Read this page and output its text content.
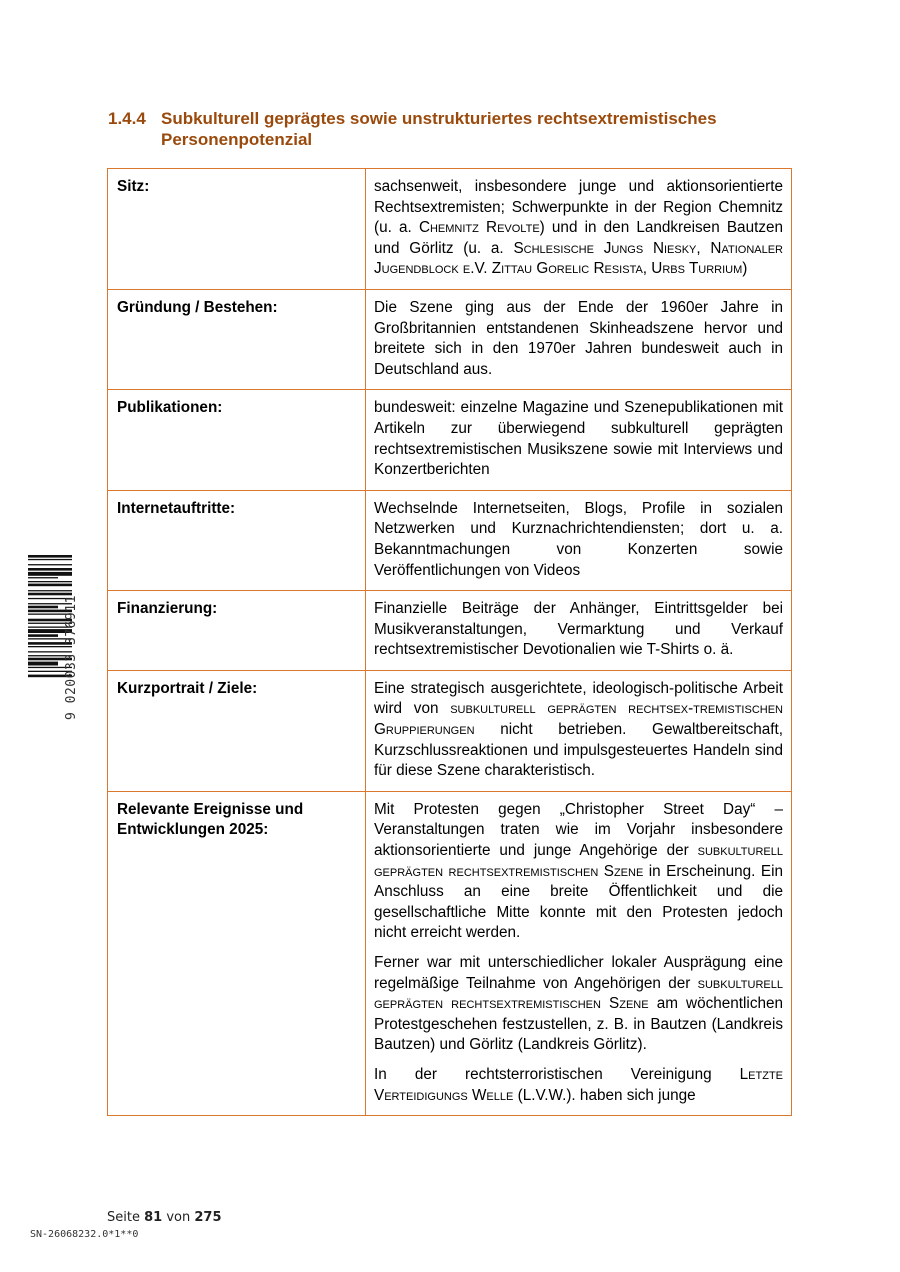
1.4.4 Subkulturell geprägtes sowie unstrukturiertes rechtsextremistisches Personenpotenzial
Sitz:	sachsenweit, insbesondere junge und aktionsorientierte Rechtsextremisten; Schwerpunkte in der Region Chemnitz (u. a. Chemnitz Revolte) und in den Landkreisen Bautzen und Görlitz (u. a. Schlesische Jungs Niesky, Nationaler Jugendblock e.V. Zittau Gorelic Resista, Urbs Turrium)

Gründung / Bestehen:	Die Szene ging aus der Ende der 1960er Jahre in Großbritannien entstandenen Skinheadszene hervor und breitete sich in den 1970er Jahren bundesweit auch in Deutschland aus.

Publikationen:	bundesweit: einzelne Magazine und Szenepublikationen mit Artikeln zur überwiegend subkulturell geprägten rechtsextremistischen Musikszene sowie mit Interviews und Konzertberichten

Internetauftritte:	Wechselnde Internetseiten, Blogs, Profile in sozialen Netzwerken und Kurznachrichtendiensten; dort u. a. Bekanntmachungen von Konzerten sowie Veröffentlichungen von Videos

Finanzierung:	Finanzielle Beiträge der Anhänger, Eintrittsgelder bei Musikveranstaltungen, Vermarktung und Verkauf rechtsextremistischer Devotionalien wie T-Shirts o. ä.

Kurzportrait / Ziele:	Eine strategisch ausgerichtete, ideologisch-politische Arbeit wird von subkulturell geprägten rechtsex-tremistischen Gruppierungen nicht betrieben. Gewaltbereitschaft, Kurzschlussreaktionen und impulsgesteuertes Handeln sind für diese Szene charakteristisch.

Relevante Ereignisse und Entwicklungen 2025:	Mit Protesten gegen „Christopher Street Day“ – Veranstaltungen traten wie im Vorjahr insbesondere aktionsorientierte und junge Angehörige der subkulturell geprägten rechtsextremistischen Szene in Erscheinung. Ein Anschluss an eine breite Öffentlichkeit und die gesellschaftliche Mitte konnte mit den Protesten jedoch nicht erreicht werden.

Ferner war mit unterschiedlicher lokaler Ausprägung eine regelmäßige Teilnahme von Angehörigen der subkulturell geprägten rechtsextremistischen Szene am wöchentlichen Protestgeschehen festzustellen, z. B. in Bautzen (Landkreis Bautzen) und Görlitz (Landkreis Görlitz).

In der rechtsterroristischen Vereinigung Letzte Verteidigungs Welle (L.V.W.). haben sich junge

9 020033 376911
Seite 81 von 275
SN-26068232.0*1**0
